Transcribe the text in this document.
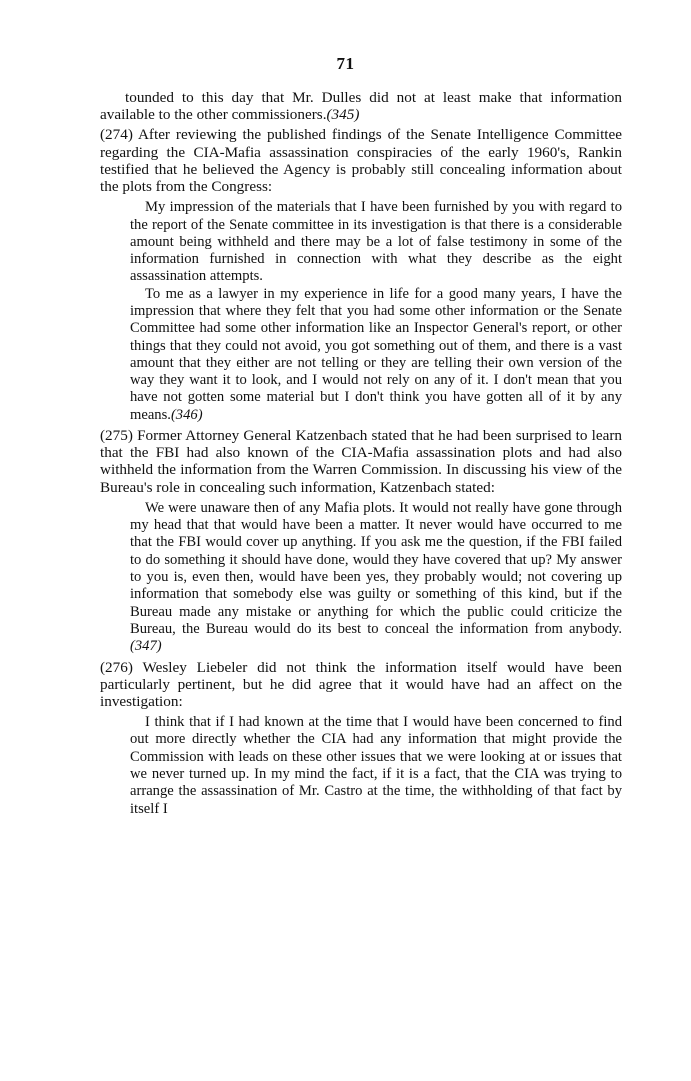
71

tounded to this day that Mr. Dulles did not at least make that information available to the other commissioners.(345)

(274) After reviewing the published findings of the Senate Intelligence Committee regarding the CIA-Mafia assassination conspiracies of the early 1960's, Rankin testified that he believed the Agency is probably still concealing information about the plots from the Congress:

My impression of the materials that I have been furnished by you with regard to the report of the Senate committee in its investigation is that there is a considerable amount being withheld and there may be a lot of false testimony in some of the information furnished in connection with what they describe as the eight assassination attempts.

To me as a lawyer in my experience in life for a good many years, I have the impression that where they felt that you had some other information or the Senate Committee had some other information like an Inspector General's report, or other things that they could not avoid, you got something out of them, and there is a vast amount that they either are not telling or they are telling their own version of the way they want it to look, and I would not rely on any of it. I don't mean that you have not gotten some material but I don't think you have gotten all of it by any means.(346)

(275) Former Attorney General Katzenbach stated that he had been surprised to learn that the FBI had also known of the CIA-Mafia assassination plots and had also withheld the information from the Warren Commission. In discussing his view of the Bureau's role in concealing such information, Katzenbach stated:

We were unaware then of any Mafia plots. It would not really have gone through my head that that would have been a matter. It never would have occurred to me that the FBI would cover up anything. If you ask me the question, if the FBI failed to do something it should have done, would they have covered that up? My answer to you is, even then, would have been yes, they probably would; not covering up information that somebody else was guilty or something of this kind, but if the Bureau made any mistake or anything for which the public could criticize the Bureau, the Bureau would do its best to conceal the information from anybody.(347)

(276) Wesley Liebeler did not think the information itself would have been particularly pertinent, but he did agree that it would have had an affect on the investigation:

I think that if I had known at the time that I would have been concerned to find out more directly whether the CIA had any information that might provide the Commission with leads on these other issues that we were looking at or issues that we never turned up. In my mind the fact, if it is a fact, that the CIA was trying to arrange the assassination of Mr. Castro at the time, the withholding of that fact by itself I
